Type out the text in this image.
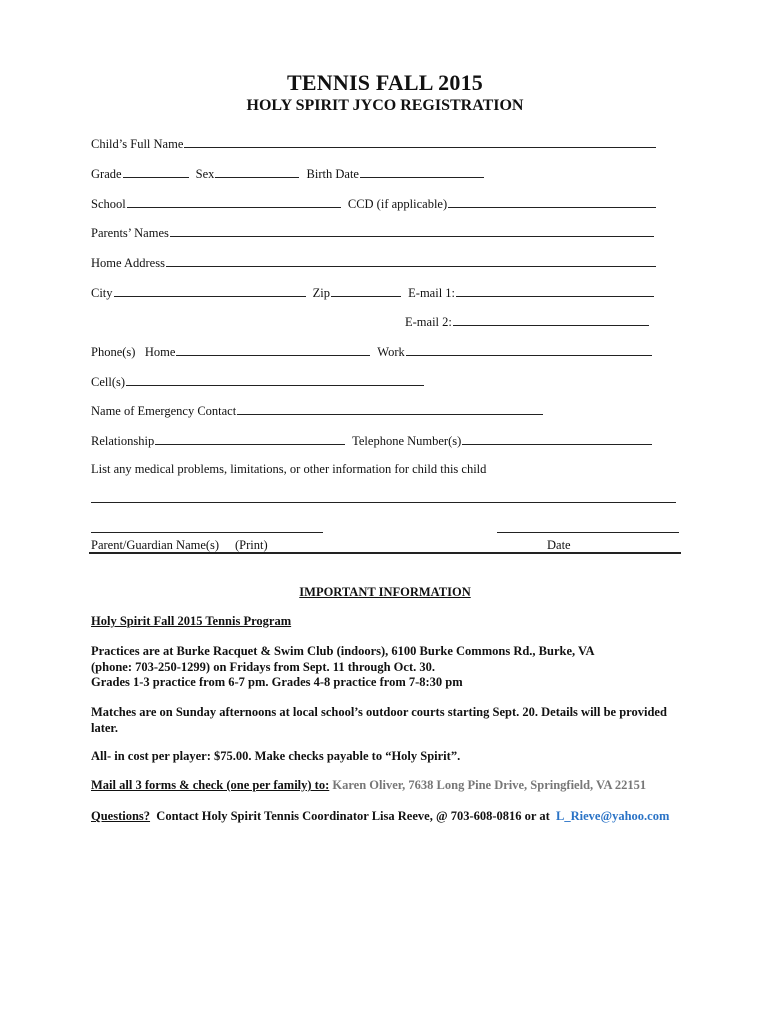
TENNIS FALL 2015
HOLY SPIRIT JYCO REGISTRATION
Child’s Full Name
Grade	Sex	Birth Date
School	CCD (if applicable)
Parents’ Names
Home Address
City	Zip	E-mail 1:
E-mail 2:
Phone(s) Home	Work
Cell(s)
Name of Emergency Contact
Relationship	Telephone Number(s)
List any medical problems, limitations, or other information for child this child
Parent/Guardian Name(s) (Print)	Date
IMPORTANT INFORMATION
Holy Spirit Fall 2015 Tennis Program
Practices are at Burke Racquet & Swim Club (indoors), 6100 Burke Commons Rd., Burke, VA
(phone: 703-250-1299) on Fridays from Sept. 11 through Oct. 30.
Grades 1-3 practice from 6-7 pm. Grades 4-8 practice from 7-8:30 pm
Matches are on Sunday afternoons at local school’s outdoor courts starting Sept. 20. Details will be provided later.
All- in cost per player: $75.00. Make checks payable to “Holy Spirit”.
Mail all 3 forms & check (one per family) to: Karen Oliver, 7638 Long Pine Drive, Springfield, VA 22151
Questions? Contact Holy Spirit Tennis Coordinator Lisa Reeve, @ 703-608-0816 or at L_Rieve@yahoo.com
